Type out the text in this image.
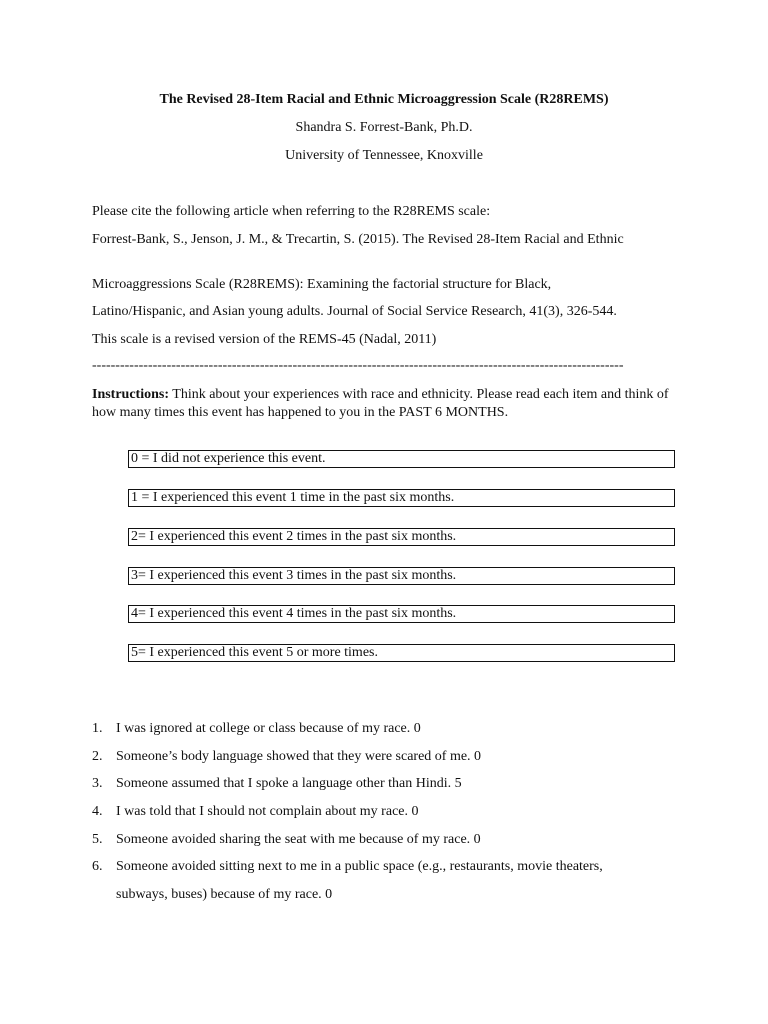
The Revised 28-Item Racial and Ethnic Microaggression Scale (R28REMS)
Shandra S. Forrest-Bank, Ph.D.
University of Tennessee, Knoxville
Please cite the following article when referring to the R28REMS scale:
Forrest-Bank, S., Jenson, J. M., & Trecartin, S. (2015). The Revised 28-Item Racial and Ethnic
Microaggressions Scale (R28REMS): Examining the factorial structure for Black,
Latino/Hispanic, and Asian young adults. Journal of Social Service Research, 41(3), 326-544.
This scale is a revised version of the REMS-45 (Nadal, 2011)
------------------------------------------------------------------------------------------------------------------
Instructions: Think about your experiences with race and ethnicity. Please read each item and think of how many times this event has happened to you in the PAST 6 MONTHS.
0 = I did not experience this event.
1 = I experienced this event 1 time in the past six months.
2= I experienced this event 2 times in the past six months.
3= I experienced this event 3 times in the past six months.
4= I experienced this event 4 times in the past six months.
5= I experienced this event 5 or more times.
1. I was ignored at college or class because of my race. 0
2. Someone’s body language showed that they were scared of me. 0
3. Someone assumed that I spoke a language other than Hindi. 5
4. I was told that I should not complain about my race. 0
5. Someone avoided sharing the seat with me because of my race. 0
6. Someone avoided sitting next to me in a public space (e.g., restaurants, movie theaters,
subways, buses) because of my race. 0
